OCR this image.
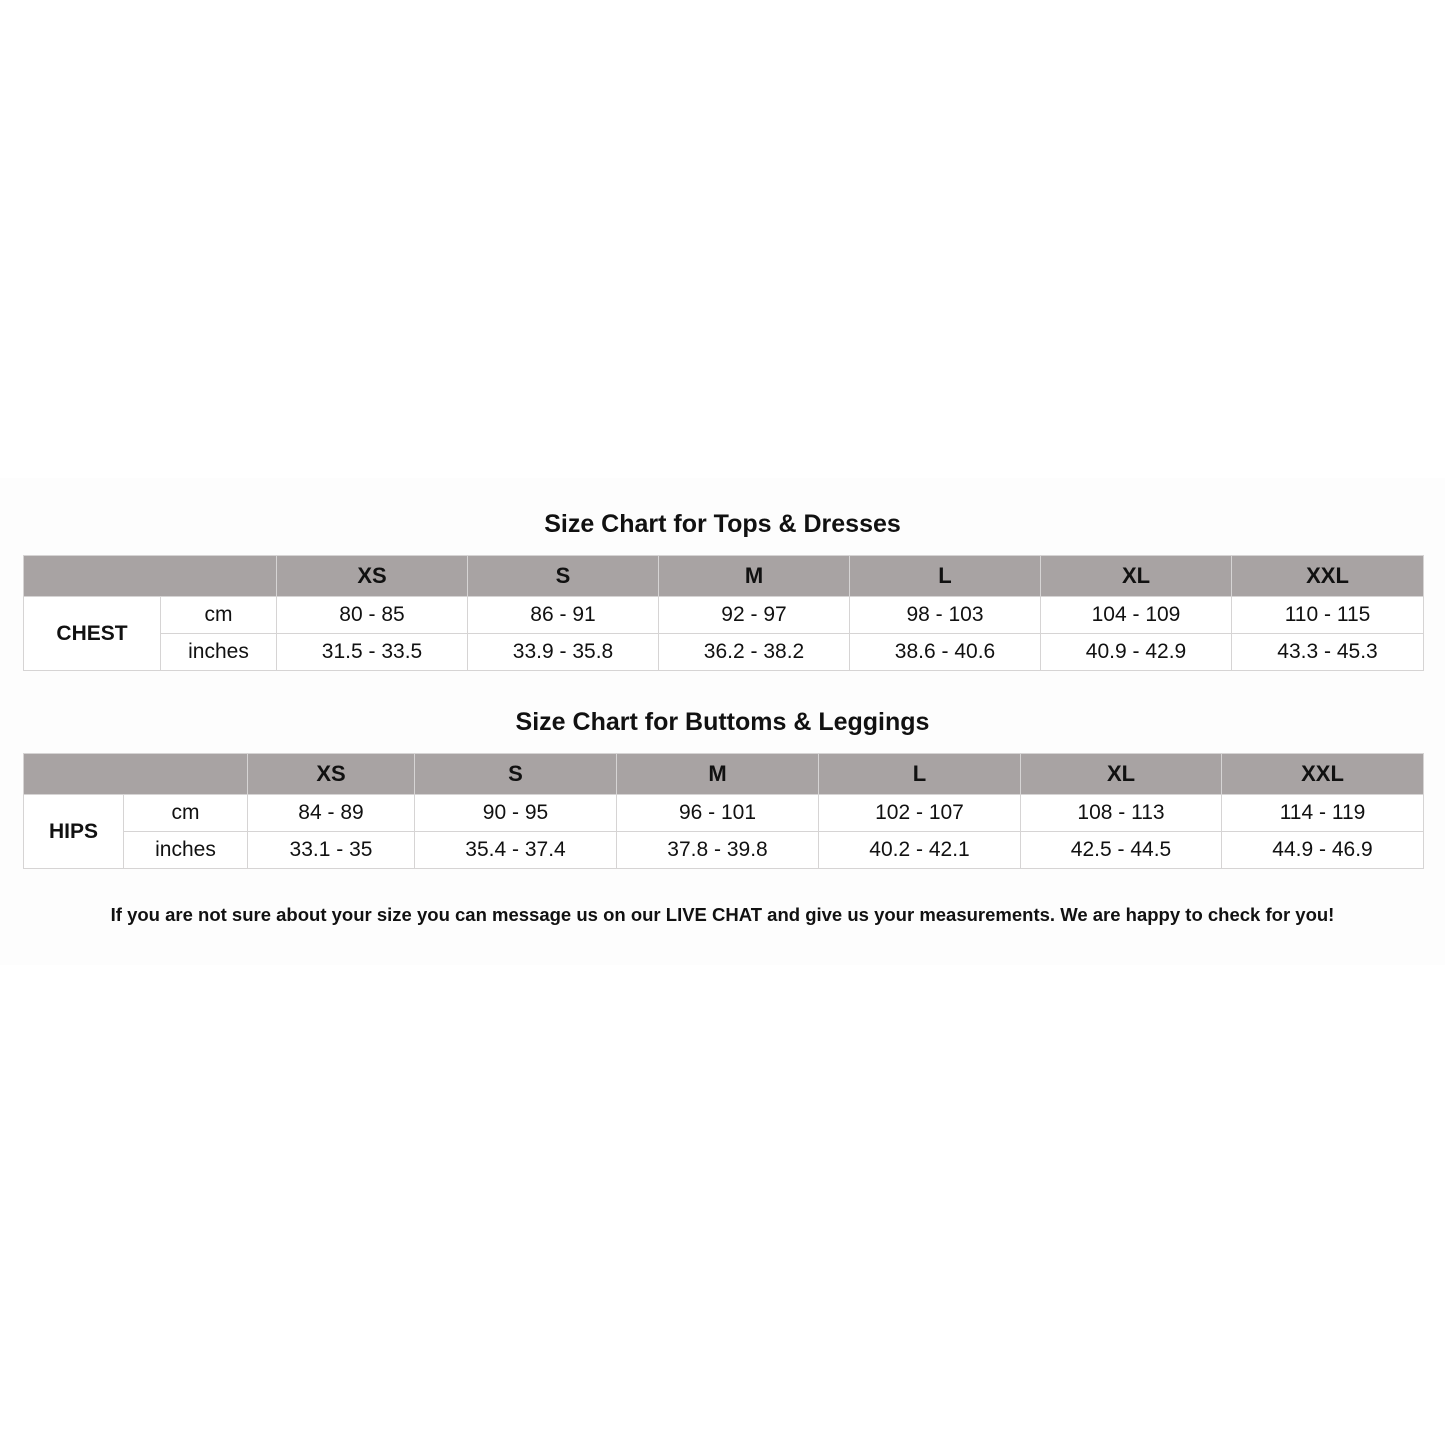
Size Chart for Tops & Dresses
		XS	S	M	L	XL	XXL
CHEST	cm	80 - 85	86 - 91	92 - 97	98 - 103	104 - 109	110 - 115
	inches	31.5 - 33.5	33.9 - 35.8	36.2 - 38.2	38.6 - 40.6	40.9 - 42.9	43.3 - 45.3
Size Chart for Buttoms & Leggings
		XS	S	M	L	XL	XXL
HIPS	cm	84 - 89	90 - 95	96 - 101	102 - 107	108 - 113	114 - 119
	inches	33.1 - 35	35.4 - 37.4	37.8 - 39.8	40.2 - 42.1	42.5 - 44.5	44.9 - 46.9
If you are not sure about your size you can message us on our LIVE CHAT and give us your measurements. We are happy to check for you!
